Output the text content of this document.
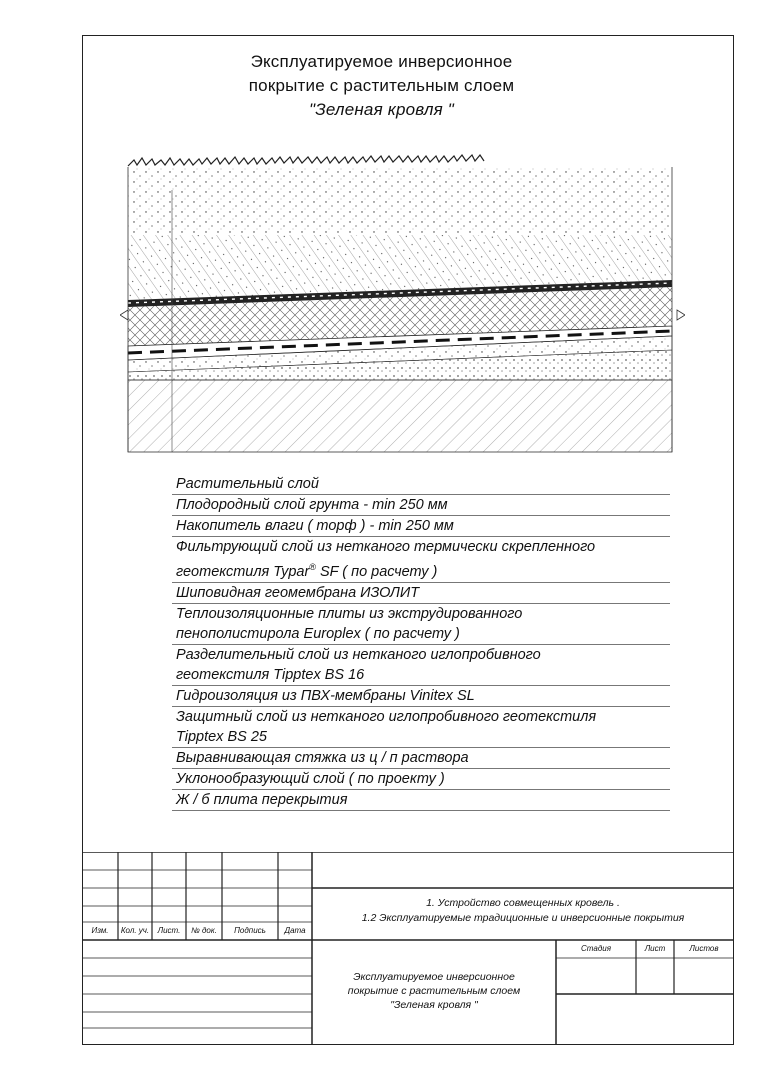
Эксплуатируемое инверсионное
покрытие с растительным слоем
"Зеленая кровля "
Растительный слой
Плодородный слой грунта - min 250 мм
Накопитель влаги ( торф ) - min 250 мм
Фильтрующий слой из нетканого термически скрепленного
геотекстиля Typar® SF ( по расчету )
Шиповидная геомембрана ИЗОЛИТ
Теплоизоляционные плиты из экструдированного
пенополистирола Europlex ( по расчету )
Разделительный слой из нетканого иглопробивного
геотекстиля Tipptex BS 16
Гидроизоляция из ПВХ-мембраны Vinitex SL
Защитный слой из нетканого иглопробивного геотекстиля
Tipptex BS 25
Выравнивающая стяжка из ц / п раствора
Уклонообразующий слой ( по проекту )
Ж / б плита перекрытия
Изм.	Кол. уч.	Лист.	№ док.	Подпись	Дата
1. Устройство совмещенных кровель .
1.2 Эксплуатируемые традиционные и инверсионные покрытия
Эксплуатируемое инверсионное
покрытие с растительным слоем
"Зеленая кровля "
Стадия	Лист	Листов
